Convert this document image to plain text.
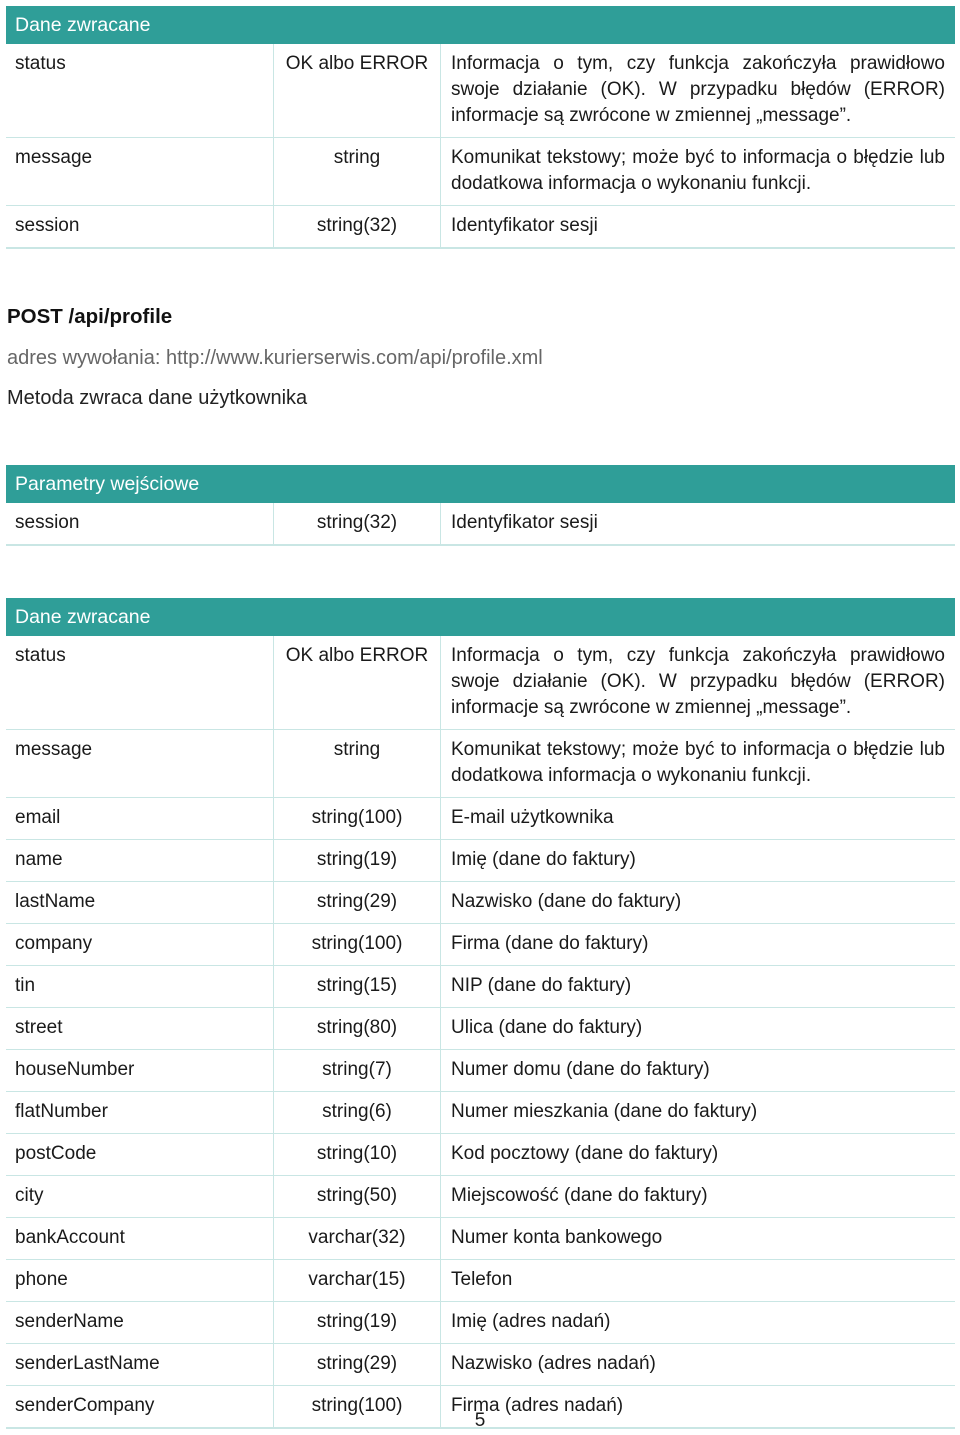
Dane zwracane
status	OK albo ERROR	Informacja o tym, czy funkcja zakończyła prawidłowo swoje działanie (OK). W przypadku błędów (ERROR) informacje są zwrócone w zmiennej „message”.
message	string	Komunikat tekstowy; może być to informacja o błędzie lub dodatkowa informacja o wykonaniu funkcji.
session	string(32)	Identyfikator sesji
POST /api/profile
adres wywołania: http://www.kurierserwis.com/api/profile.xml
Metoda zwraca dane użytkownika
Parametry wejściowe
session	string(32)	Identyfikator sesji
Dane zwracane
status	OK albo ERROR	Informacja o tym, czy funkcja zakończyła prawidłowo swoje działanie (OK). W przypadku błędów (ERROR) informacje są zwrócone w zmiennej „message”.
message	string	Komunikat tekstowy; może być to informacja o błędzie lub dodatkowa informacja o wykonaniu funkcji.
email	string(100)	E-mail użytkownika
name	string(19)	Imię (dane do faktury)
lastName	string(29)	Nazwisko (dane do faktury)
company	string(100)	Firma (dane do faktury)
tin	string(15)	NIP (dane do faktury)
street	string(80)	Ulica (dane do faktury)
houseNumber	string(7)	Numer domu (dane do faktury)
flatNumber	string(6)	Numer mieszkania (dane do faktury)
postCode	string(10)	Kod pocztowy (dane do faktury)
city	string(50)	Miejscowość (dane do faktury)
bankAccount	varchar(32)	Numer konta bankowego
phone	varchar(15)	Telefon
senderName	string(19)	Imię (adres nadań)
senderLastName	string(29)	Nazwisko (adres nadań)
senderCompany	string(100)	Firma (adres nadań)
5
